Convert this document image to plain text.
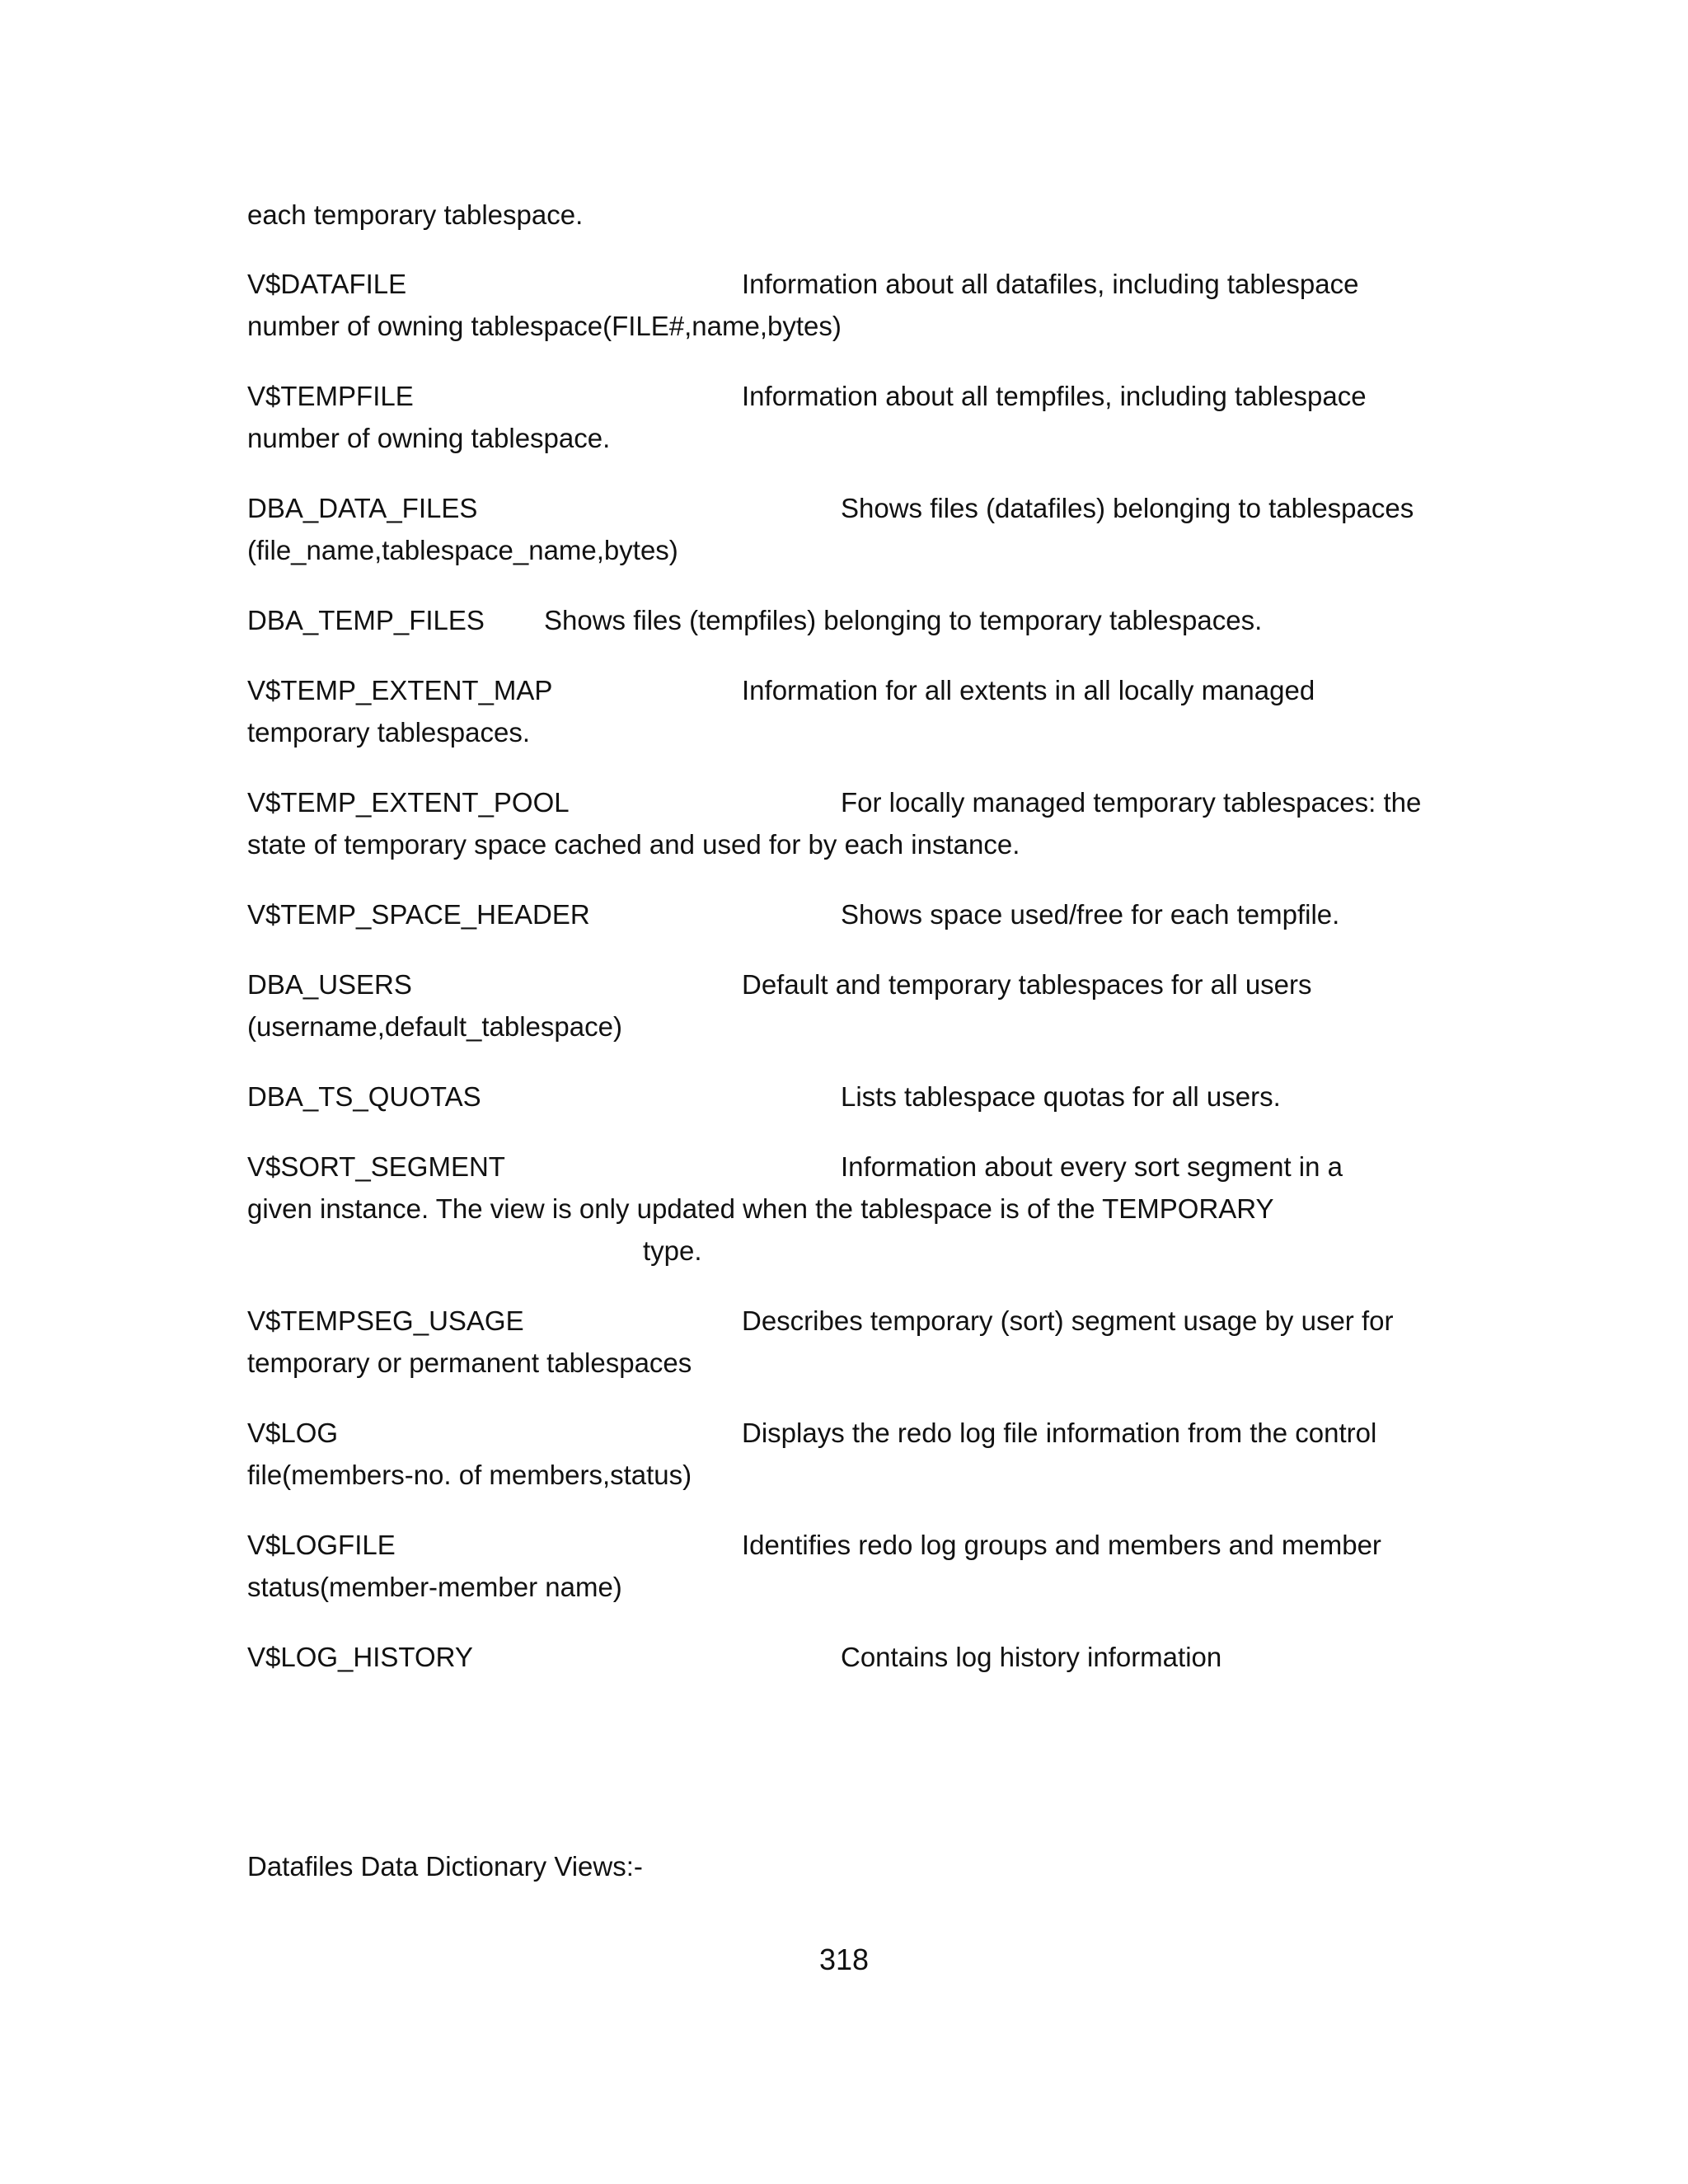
each temporary tablespace.
V$DATAFILE	Information about all datafiles, including tablespace
number of owning tablespace(FILE#,name,bytes)
V$TEMPFILE	Information about all tempfiles, including tablespace
number of owning tablespace.
DBA_DATA_FILES	Shows files (datafiles) belonging to tablespaces
(file_name,tablespace_name,bytes)
DBA_TEMP_FILES Shows files (tempfiles) belonging to temporary tablespaces.
V$TEMP_EXTENT_MAP	Information for all extents in all locally managed
temporary tablespaces.
V$TEMP_EXTENT_POOL	For locally managed temporary tablespaces: the
state of temporary space cached and used for by each instance.
V$TEMP_SPACE_HEADER	Shows space used/free for each tempfile.
DBA_USERS	Default and temporary tablespaces for all users
(username,default_tablespace)
DBA_TS_QUOTAS	Lists tablespace quotas for all users.
V$SORT_SEGMENT	Information about every sort segment in a
given instance. The view is only updated when the tablespace is of the TEMPORARY
type.
V$TEMPSEG_USAGE	Describes temporary (sort) segment usage by user for
temporary or permanent tablespaces
V$LOG	Displays the redo log file information from the control
file(members-no. of members,status)
V$LOGFILE	Identifies redo log groups and members and member
status(member-member name)
V$LOG_HISTORY	Contains log history information
Datafiles Data Dictionary Views:-
318
